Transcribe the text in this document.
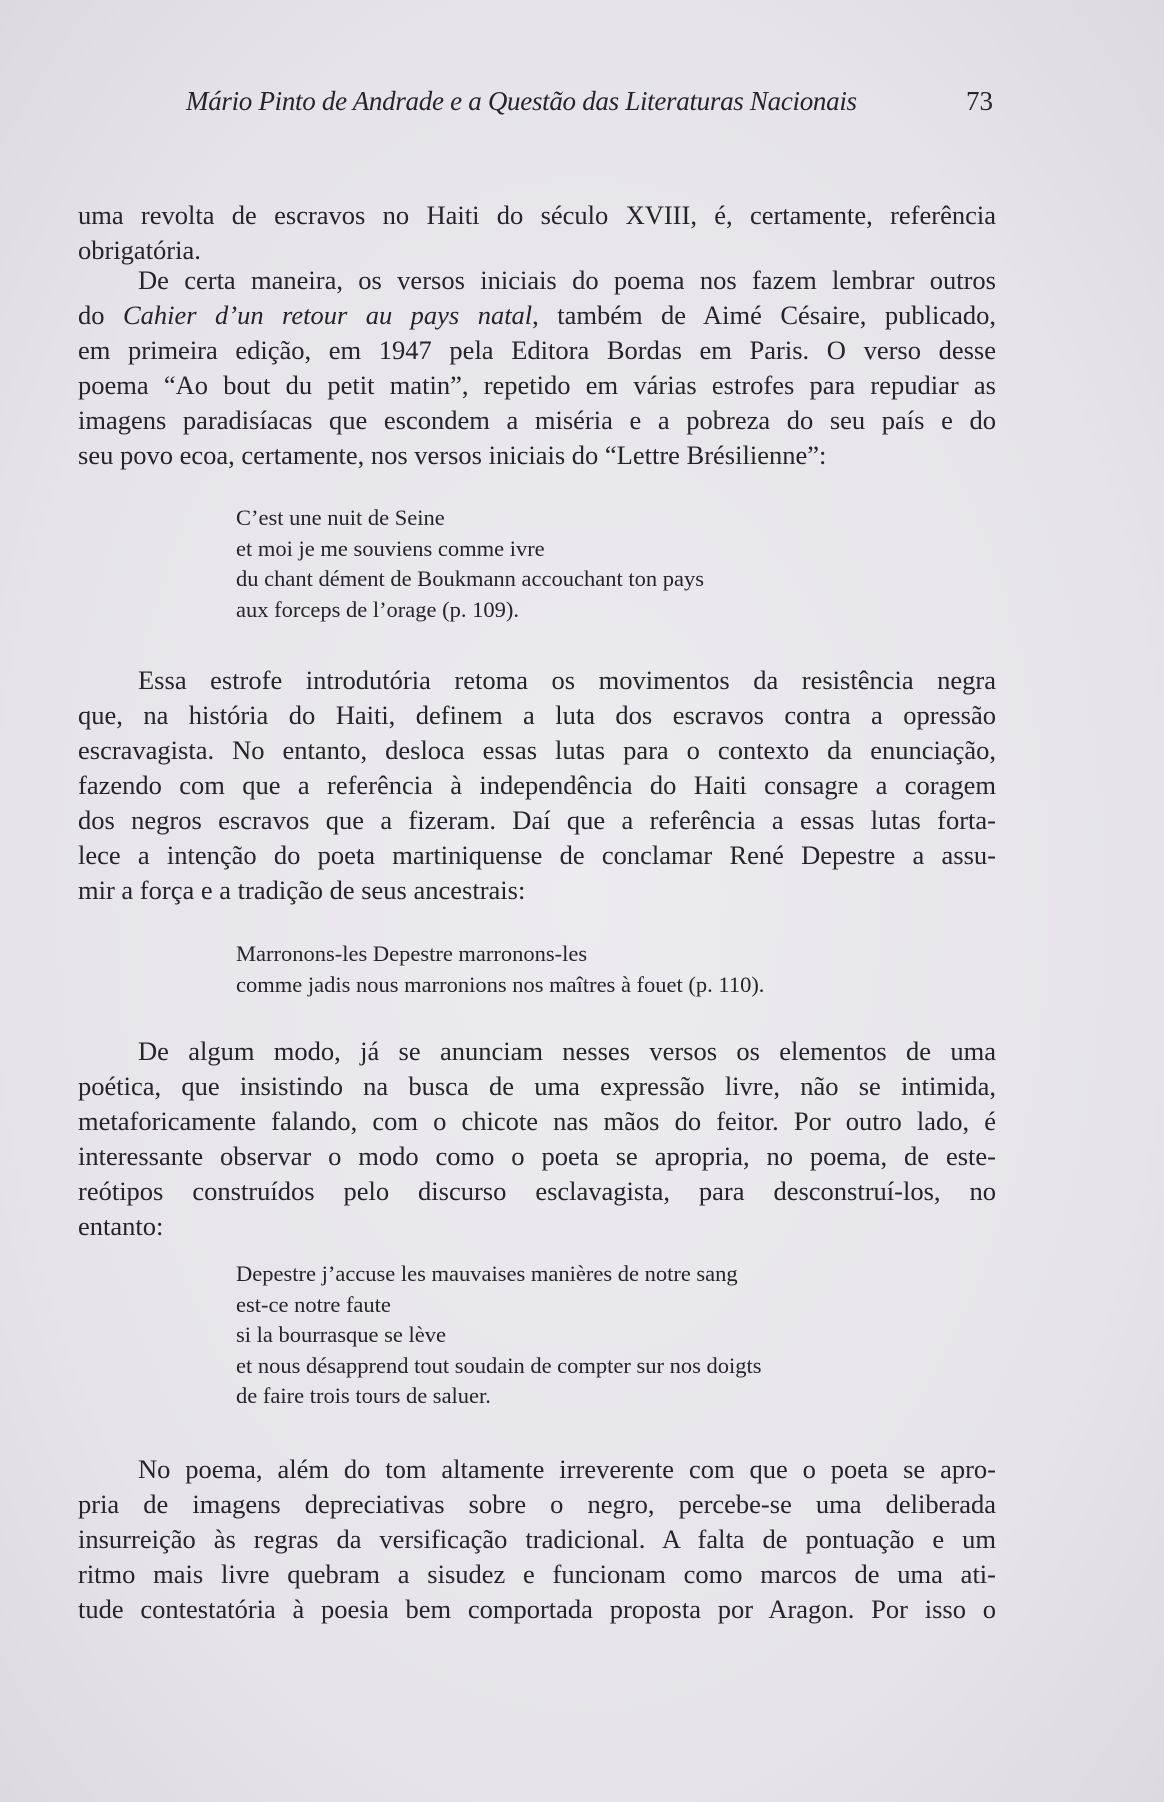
Mário Pinto de Andrade e a Questão das Literaturas Nacionais	73
uma revolta de escravos no Haiti do século XVIII, é, certamente, referência
obrigatória.
De certa maneira, os versos iniciais do poema nos fazem lembrar outros
do Cahier d’un retour au pays natal, também de Aimé Césaire, publicado,
em primeira edição, em 1947 pela Editora Bordas em Paris. O verso desse
poema “Ao bout du petit matin”, repetido em várias estrofes para repudiar as
imagens paradisíacas que escondem a miséria e a pobreza do seu país e do
seu povo ecoa, certamente, nos versos iniciais do “Lettre Brésilienne”:
C’est une nuit de Seine
et moi je me souviens comme ivre
du chant dément de Boukmann accouchant ton pays
aux forceps de l’orage (p. 109).
Essa estrofe introdutória retoma os movimentos da resistência negra
que, na história do Haiti, definem a luta dos escravos contra a opressão
escravagista. No entanto, desloca essas lutas para o contexto da enunciação,
fazendo com que a referência à independência do Haiti consagre a coragem
dos negros escravos que a fizeram. Daí que a referência a essas lutas forta-
lece a intenção do poeta martiniquense de conclamar René Depestre a assu-
mir a força e a tradição de seus ancestrais:
Marronons-les Depestre marronons-les
comme jadis nous marronions nos maîtres à fouet (p. 110).
De algum modo, já se anunciam nesses versos os elementos de uma
poética, que insistindo na busca de uma expressão livre, não se intimida,
metaforicamente falando, com o chicote nas mãos do feitor. Por outro lado, é
interessante observar o modo como o poeta se apropria, no poema, de este-
reótipos construídos pelo discurso esclavagista, para desconstruí-los, no
entanto:
Depestre j’accuse les mauvaises manières de notre sang
est-ce notre faute
si la bourrasque se lève
et nous désapprend tout soudain de compter sur nos doigts
de faire trois tours de saluer.
No poema, além do tom altamente irreverente com que o poeta se apro-
pria de imagens depreciativas sobre o negro, percebe-se uma deliberada
insurreição às regras da versificação tradicional. A falta de pontuação e um
ritmo mais livre quebram a sisudez e funcionam como marcos de uma ati-
tude contestatória à poesia bem comportada proposta por Aragon. Por isso o
